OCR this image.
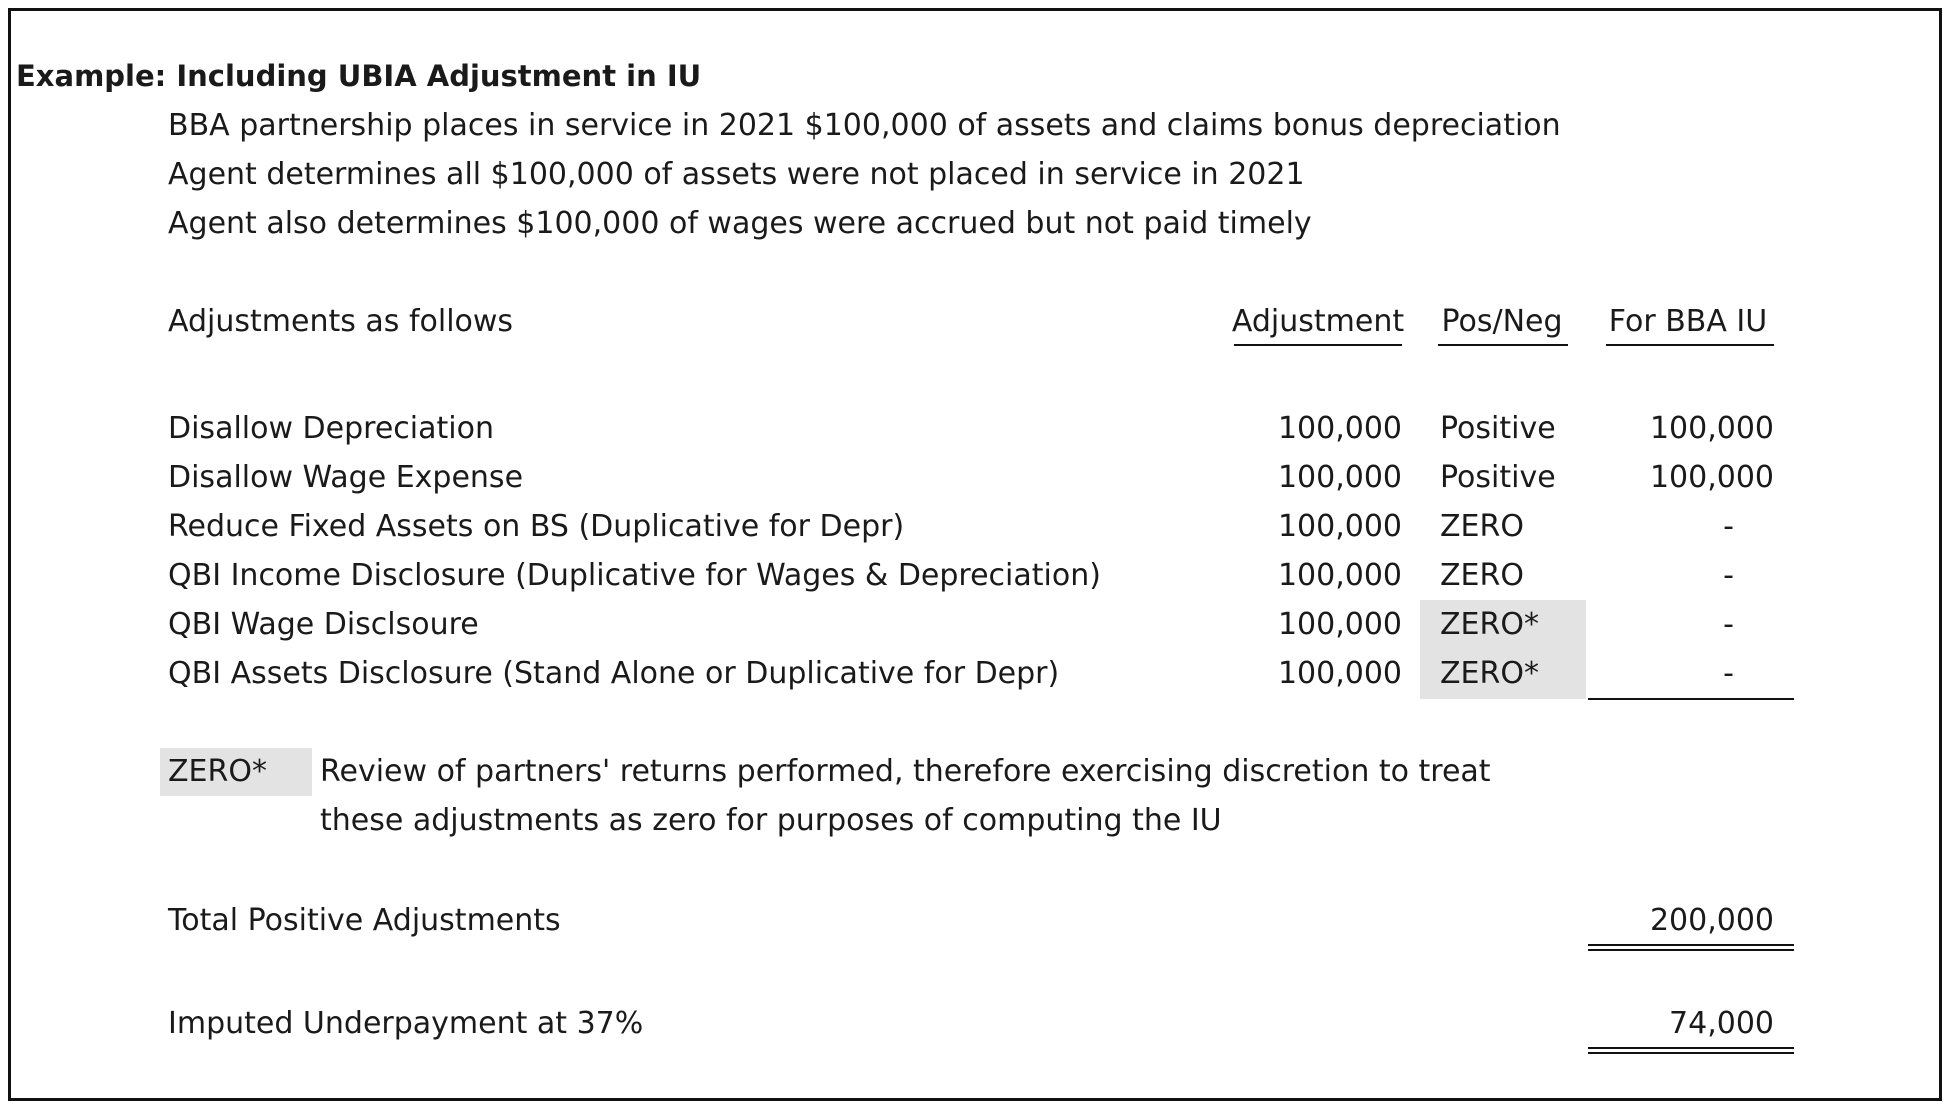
Example: Including UBIA Adjustment in IU
BBA partnership places in service in 2021 $100,000 of assets and claims bonus depreciation
Agent determines all $100,000 of assets were not placed in service in 2021
Agent also determines $100,000 of wages were accrued but not paid timely
Adjustments as follows	Adjustment	Pos/Neg	For BBA IU
Disallow Depreciation	100,000 Positive	100,000
Disallow Wage Expense	100,000 Positive	100,000
Reduce Fixed Assets on BS (Duplicative for Depr)	100,000 ZERO	-
QBI Income Disclosure (Duplicative for Wages & Depreciation)	100,000 ZERO	-
QBI Wage Disclsoure	100,000 ZERO*	-
QBI Assets Disclosure (Stand Alone or Duplicative for Depr)	100,000 ZERO*	-
ZERO* Review of partners' returns performed, therefore exercising discretion to treat
these adjustments as zero for purposes of computing the IU
Total Positive Adjustments	200,000
Imputed Underpayment at 37%	74,000
